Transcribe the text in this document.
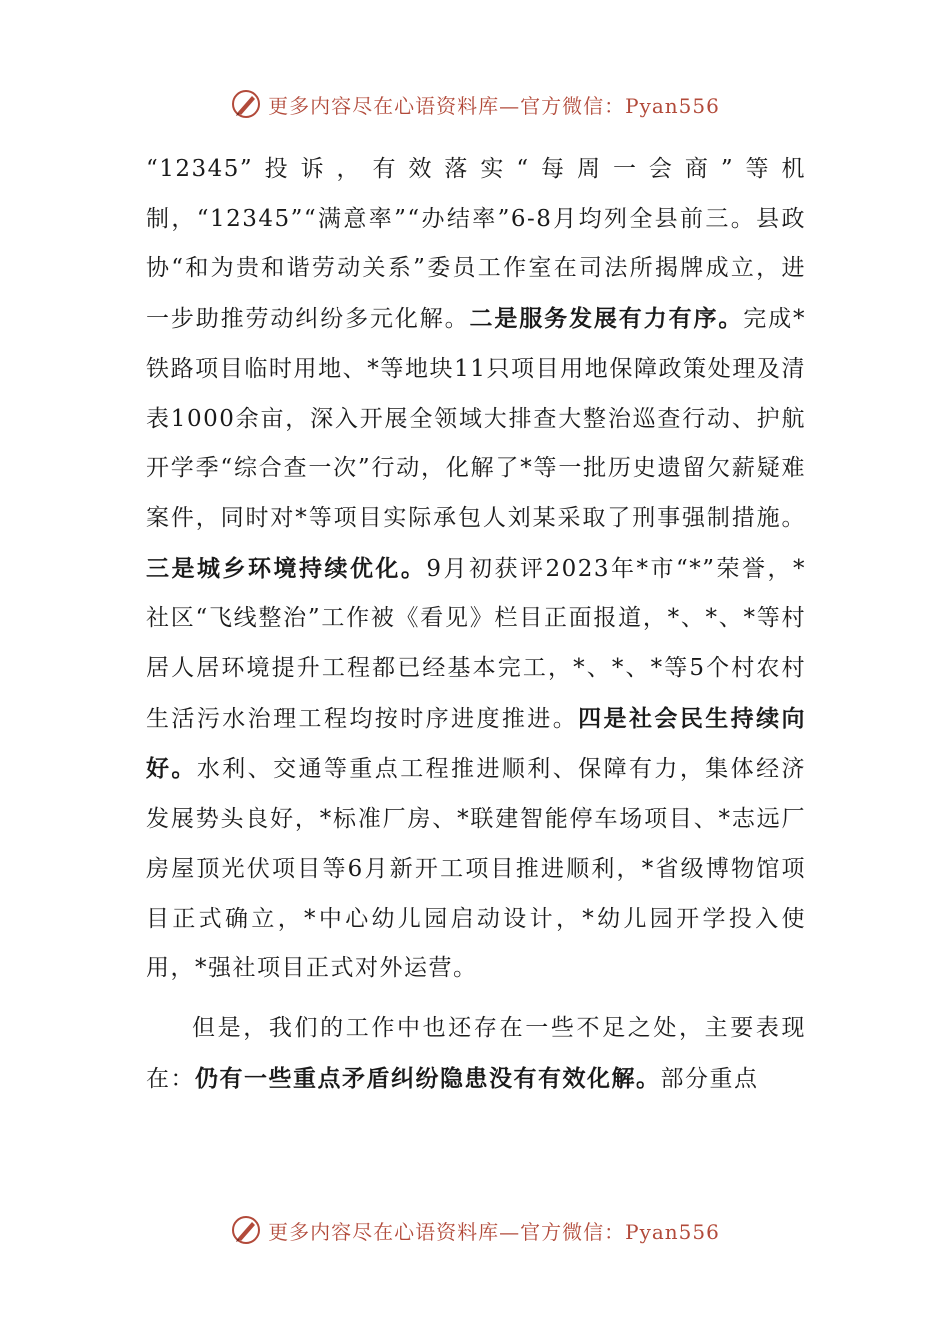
更多内容尽在心语资料库—官方微信：Pyan556

“12345”投诉，有效落实“每周一会商”等机制，“12345”“满意率”“办结率”6-8月均列全县前三。县政协“和为贵和谐劳动关系”委员工作室在司法所揭牌成立，进一步助推劳动纠纷多元化解。二是服务发展有力有序。完成*铁路项目临时用地、*等地块11只项目用地保障政策处理及清表1000余亩，深入开展全领域大排查大整治巡查行动、护航开学季“综合查一次”行动，化解了*等一批历史遗留欠薪疑难案件，同时对*等项目实际承包人刘某采取了刑事强制措施。三是城乡环境持续优化。9月初获评2023年*市“*”荣誉，*社区“飞线整治”工作被《看见》栏目正面报道，*、*、*等村居人居环境提升工程都已经基本完工，*、*、*等5个村农村生活污水治理工程均按时序进度推进。四是社会民生持续向好。水利、交通等重点工程推进顺利、保障有力，集体经济发展势头良好，*标准厂房、*联建智能停车场项目、*志远厂房屋顶光伏项目等6月新开工项目推进顺利，*省级博物馆项目正式确立，*中心幼儿园启动设计，*幼儿园开学投入使用，*强社项目正式对外运营。

但是，我们的工作中也还存在一些不足之处，主要表现在：仍有一些重点矛盾纠纷隐患没有有效化解。部分重点

更多内容尽在心语资料库—官方微信：Pyan556
